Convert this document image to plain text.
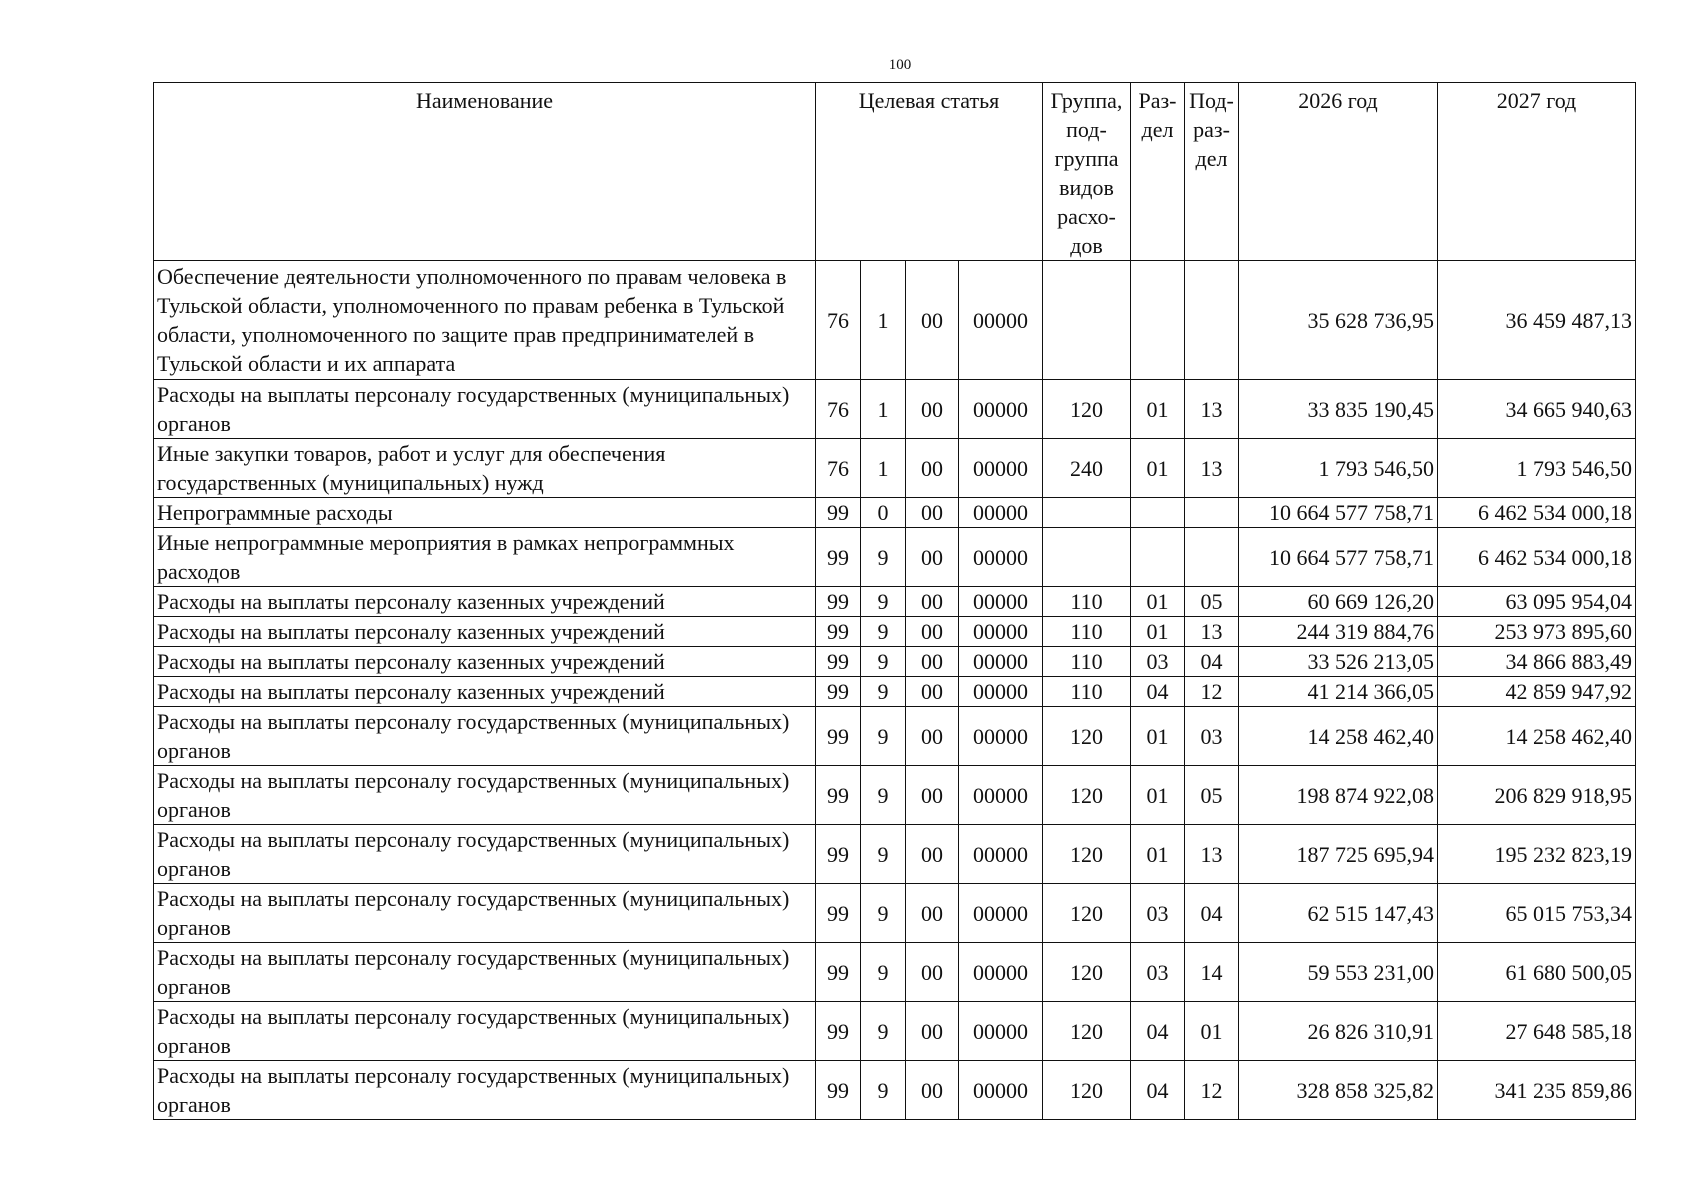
100
Наименование	Целевая статья				Группа, под-группа видов расхо-дов	Раз-дел	Под-раз-дел	2026 год	2027 год
Обеспечение деятельности уполномоченного по правам человека в Тульской области, уполномоченного по правам ребенка в Тульской области, уполномоченного по защите прав предпринимателей в Тульской области и их аппарата	76	1	00	00000				35 628 736,95	36 459 487,13
Расходы на выплаты персоналу государственных (муниципальных) органов	76	1	00	00000	120	01	13	33 835 190,45	34 665 940,63
Иные закупки товаров, работ и услуг для обеспечения государственных (муниципальных) нужд	76	1	00	00000	240	01	13	1 793 546,50	1 793 546,50
Непрограммные расходы	99	0	00	00000				10 664 577 758,71	6 462 534 000,18
Иные непрограммные мероприятия в рамках непрограммных расходов	99	9	00	00000				10 664 577 758,71	6 462 534 000,18
Расходы на выплаты персоналу казенных учреждений	99	9	00	00000	110	01	05	60 669 126,20	63 095 954,04
Расходы на выплаты персоналу казенных учреждений	99	9	00	00000	110	01	13	244 319 884,76	253 973 895,60
Расходы на выплаты персоналу казенных учреждений	99	9	00	00000	110	03	04	33 526 213,05	34 866 883,49
Расходы на выплаты персоналу казенных учреждений	99	9	00	00000	110	04	12	41 214 366,05	42 859 947,92
Расходы на выплаты персоналу государственных (муниципальных) органов	99	9	00	00000	120	01	03	14 258 462,40	14 258 462,40
Расходы на выплаты персоналу государственных (муниципальных) органов	99	9	00	00000	120	01	05	198 874 922,08	206 829 918,95
Расходы на выплаты персоналу государственных (муниципальных) органов	99	9	00	00000	120	01	13	187 725 695,94	195 232 823,19
Расходы на выплаты персоналу государственных (муниципальных) органов	99	9	00	00000	120	03	04	62 515 147,43	65 015 753,34
Расходы на выплаты персоналу государственных (муниципальных) органов	99	9	00	00000	120	03	14	59 553 231,00	61 680 500,05
Расходы на выплаты персоналу государственных (муниципальных) органов	99	9	00	00000	120	04	01	26 826 310,91	27 648 585,18
Расходы на выплаты персоналу государственных (муниципальных) органов	99	9	00	00000	120	04	12	328 858 325,82	341 235 859,86
